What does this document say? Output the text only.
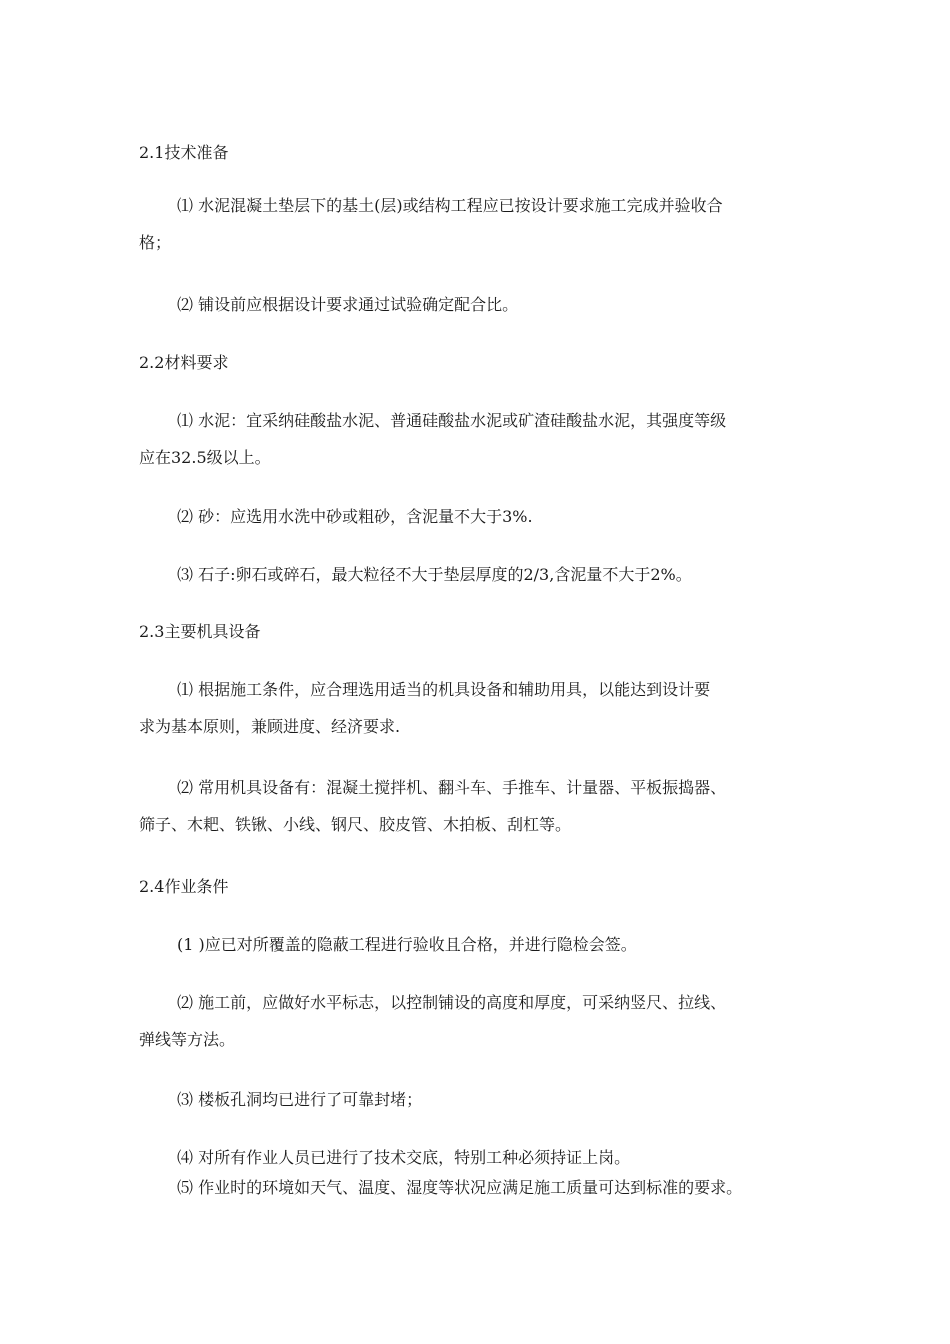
2.1技术准备
⑴ 水泥混凝土垫层下的基土(层)或结构工程应已按设计要求施工完成并验收合
格；
⑵ 铺设前应根据设计要求通过试验确定配合比。
2.2材料要求
⑴ 水泥：宜采纳硅酸盐水泥、普通硅酸盐水泥或矿渣硅酸盐水泥，其强度等级
应在32.5级以上。
⑵ 砂：应选用水洗中砂或粗砂，含泥量不大于3%.
⑶ 石子:卵石或碎石，最大粒径不大于垫层厚度的2/3,含泥量不大于2%。
2.3主要机具设备
⑴ 根据施工条件，应合理选用适当的机具设备和辅助用具，以能达到设计要
求为基本原则，兼顾进度、经济要求.
⑵ 常用机具设备有：混凝土搅拌机、翻斗车、手推车、计量器、平板振捣器、
筛子、木耙、铁锹、小线、钢尺、胶皮管、木拍板、刮杠等。
2.4作业条件
(1 )应已对所覆盖的隐蔽工程进行验收且合格，并进行隐检会签。
⑵ 施工前，应做好水平标志，以控制铺设的高度和厚度，可采纳竖尺、拉线、
弹线等方法。
⑶ 楼板孔洞均已进行了可靠封堵；
⑷ 对所有作业人员已进行了技术交底，特别工种必须持证上岗。
⑸ 作业时的环境如天气、温度、湿度等状况应满足施工质量可达到标准的要求。
